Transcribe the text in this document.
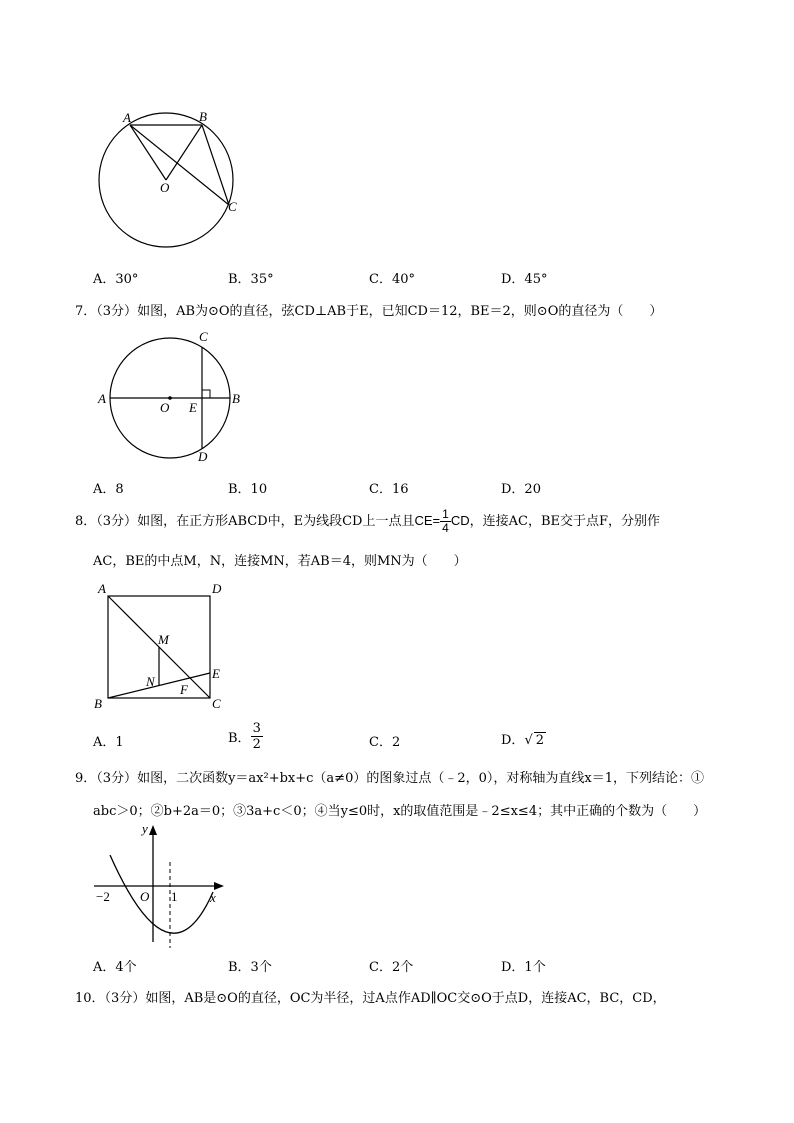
A	B
O
C
A．30°	B．35°	C．40°	D．45°
7．（3分）如图，AB为⊙O的直径，弦CD⊥AB于E，已知CD＝12，BE＝2，则⊙O的直径为（　　）
A	B
C
D
O E
A．8	B．10	C．16	D．20
8．（3分）如图，在正方形ABCD中，E为线段CD上一点且$CE= \frac{1}{4}$ CD，连接AC，BE交于点F，分别作
AC，BE的中点M，N，连接MN，若AB＝4，则MN为（　　）
A	D
B	C
E
M
N
F
A．1	B． $\frac{3}{2}$	C．2	D．√ 2
9．（3分）如图，二次函数y＝ax²+bx+c（a≠0）的图象过点（﹣2，0），对称轴为直线x＝1，下列结论：①
abc＞0；②b+2a＝0；③3a+c＜0；④当y≤0时，x的取值范围是﹣2≤x≤4；其中正确的个数为（　　）
y
x
O
−2	1
A．4个	B．3个	C．2个	D．1个
10．（3分）如图，AB是⊙O的直径，OC为半径，过A点作AD∥OC交⊙O于点D，连接AC，BC，CD，
